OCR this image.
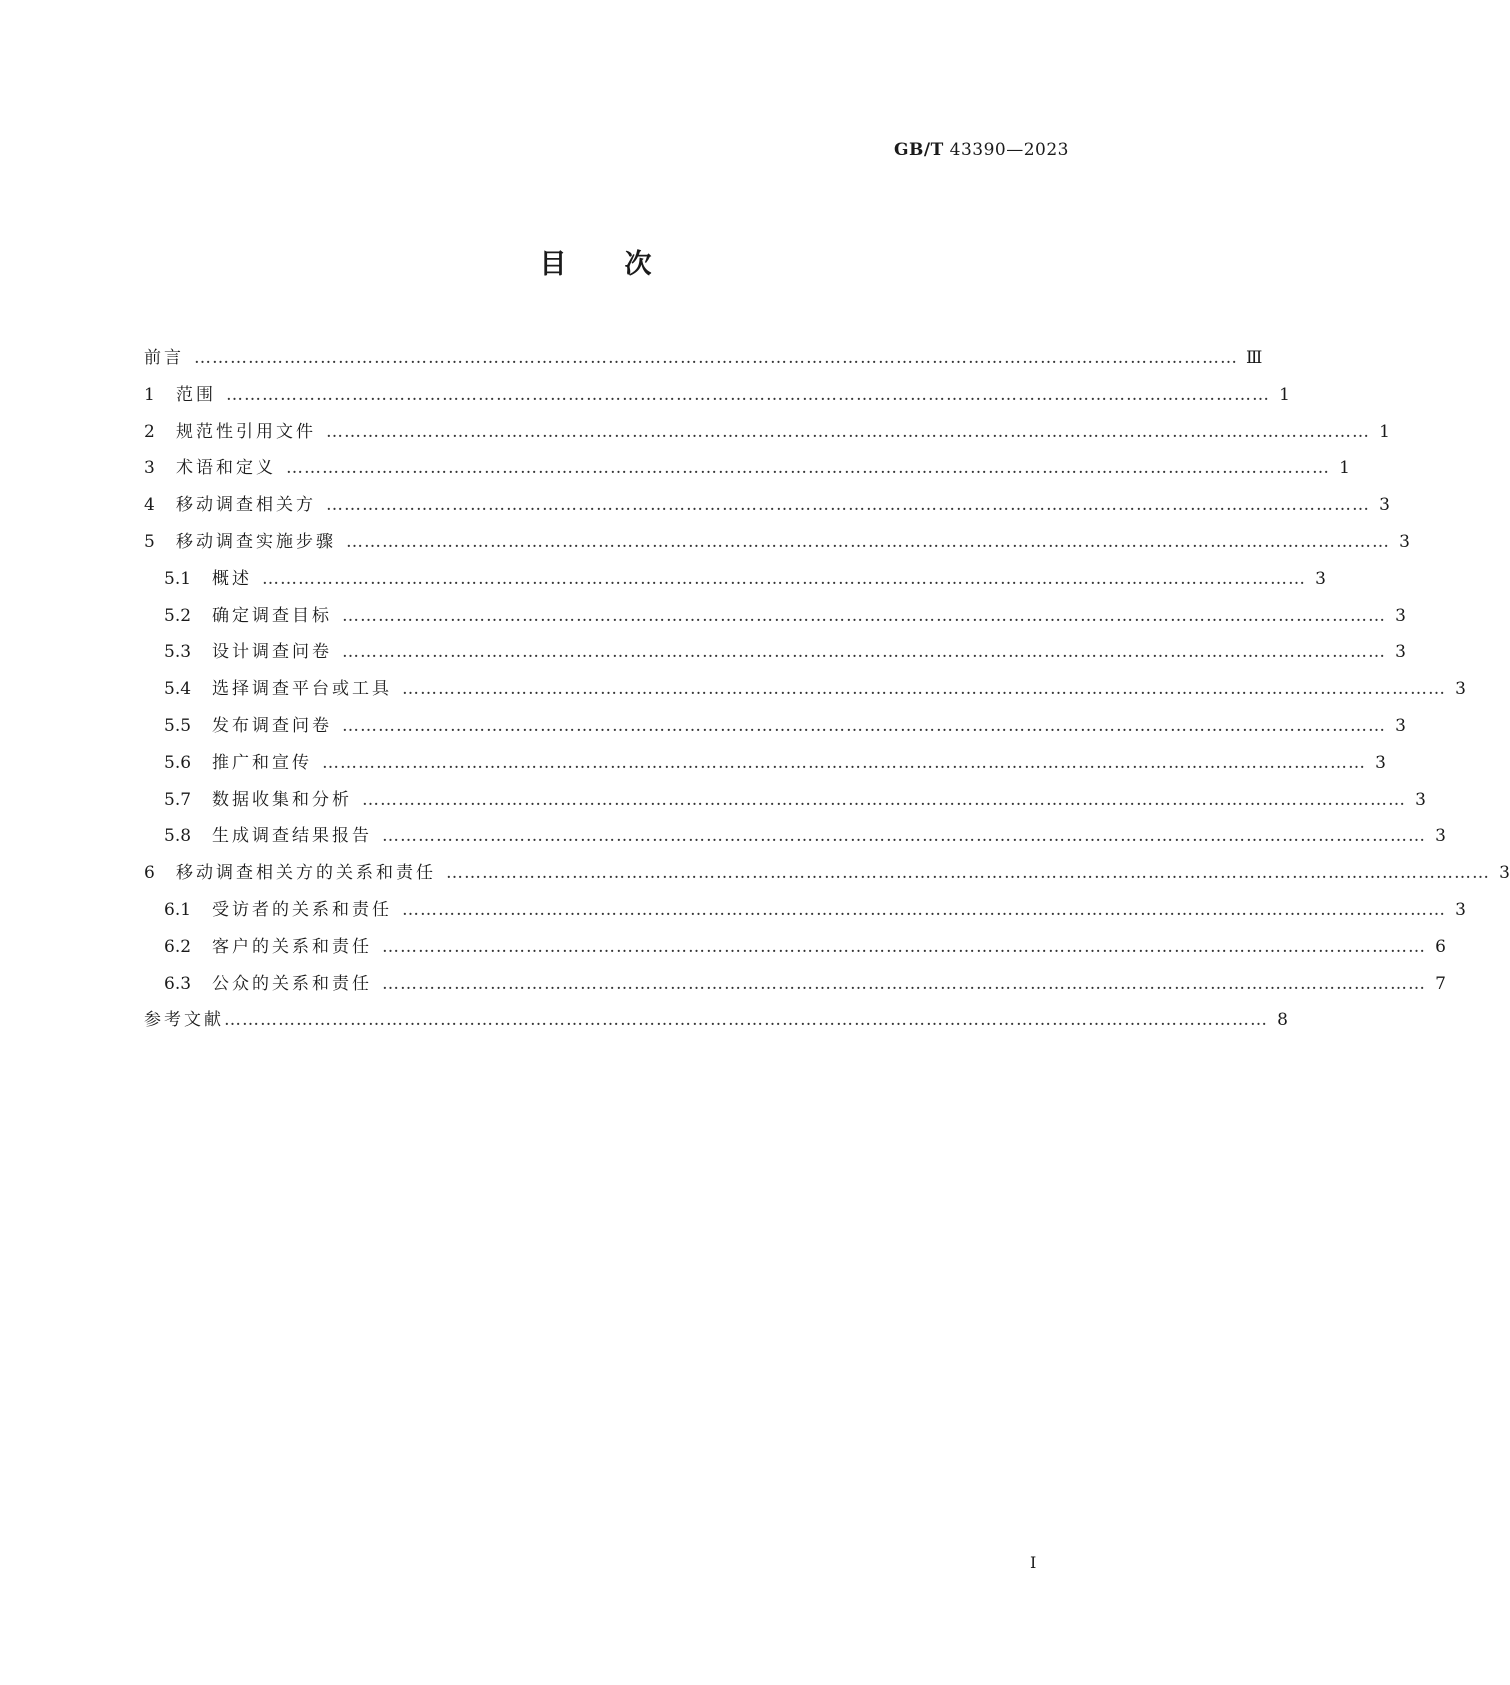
GB/T 43390—2023
目次
前言 ………………………………………………………………………………………………………………………………………………………… Ⅲ
1	范围 ………………………………………………………………………………………………………………………………………………………… 1
2	规范性引用文件 ………………………………………………………………………………………………………………………………………………………… 1
3	术语和定义 ………………………………………………………………………………………………………………………………………………………… 1
4	移动调查相关方 ………………………………………………………………………………………………………………………………………………………… 3
5	移动调查实施步骤 ………………………………………………………………………………………………………………………………………………………… 3
5.1	概述 ………………………………………………………………………………………………………………………………………………………… 3
5.2	确定调查目标 ………………………………………………………………………………………………………………………………………………………… 3
5.3	设计调查问卷 ………………………………………………………………………………………………………………………………………………………… 3
5.4	选择调查平台或工具 ………………………………………………………………………………………………………………………………………………………… 3
5.5	发布调查问卷 ………………………………………………………………………………………………………………………………………………………… 3
5.6	推广和宣传 ………………………………………………………………………………………………………………………………………………………… 3
5.7	数据收集和分析 ………………………………………………………………………………………………………………………………………………………… 3
5.8	生成调查结果报告 ………………………………………………………………………………………………………………………………………………………… 3
6	移动调查相关方的关系和责任 ………………………………………………………………………………………………………………………………………………………… 3
6.1	受访者的关系和责任 ………………………………………………………………………………………………………………………………………………………… 3
6.2	客户的关系和责任 ………………………………………………………………………………………………………………………………………………………… 6
6.3	公众的关系和责任 ………………………………………………………………………………………………………………………………………………………… 7
参考文献 ………………………………………………………………………………………………………………………………………………………… 8
I
